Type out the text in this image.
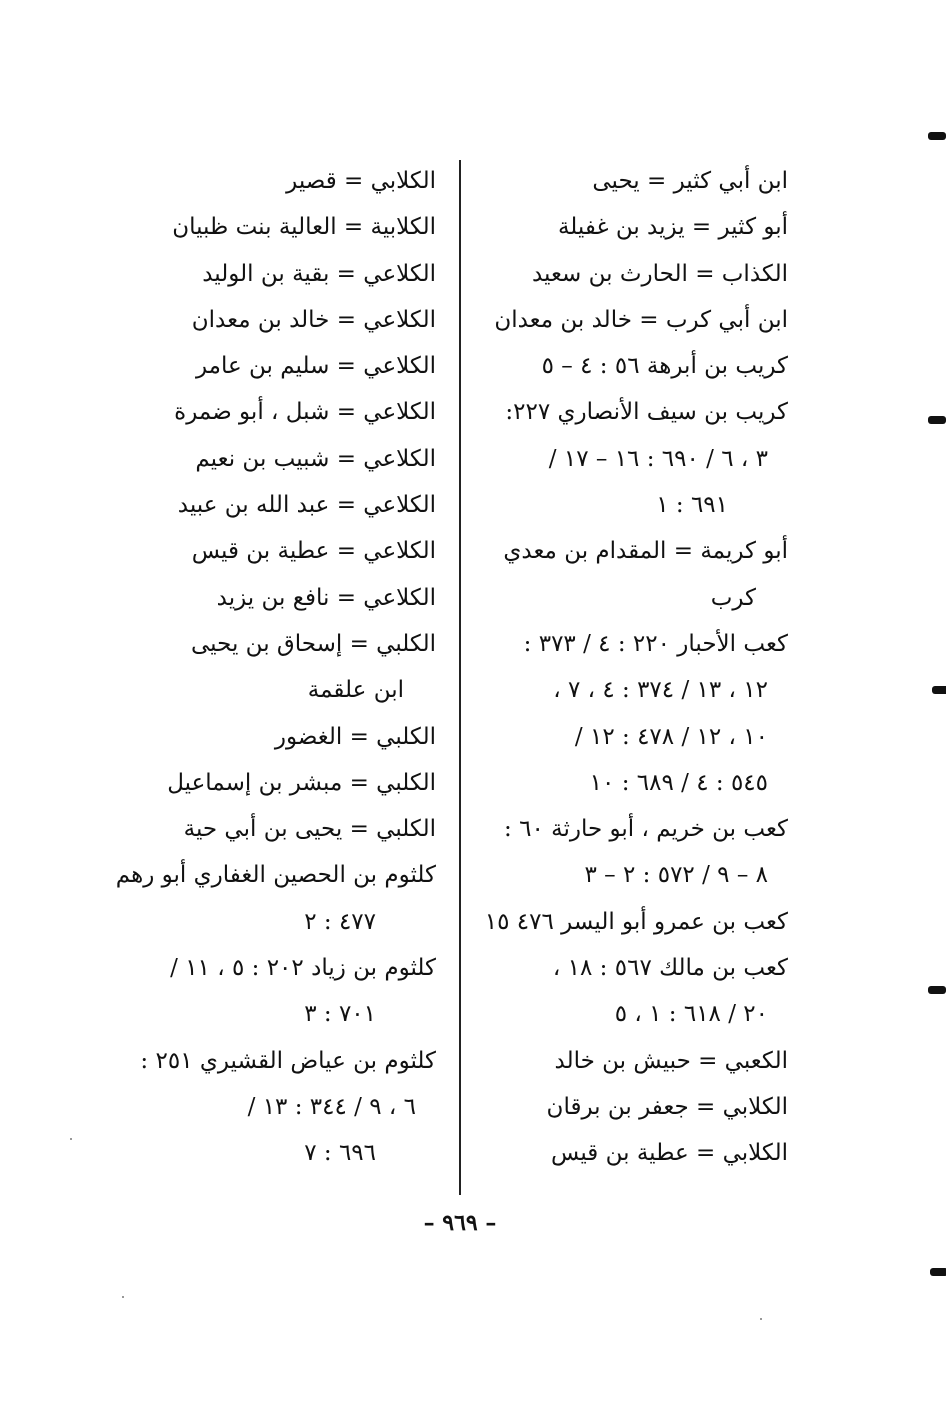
ابن أبي كثير = يحيى
أبو كثير = يزيد بن غفيلة
الكذاب = الحارث بن سعيد
ابن أبي كرب = خالد بن معدان
كريب بن أبرهة ٥٦ : ٤ – ٥
كريب بن سيف الأنصاري ٢٢٧:
٣ ، ٦ / ٦٩٠ : ١٦ – ١٧ /
٦٩١ : ١
أبو كريمة = المقدام بن معدي
كرب
كعب الأحبار ٢٢٠ : ٤ / ٣٧٣ :
١٢ ، ١٣ / ٣٧٤ : ٤ ، ٧ ،
١٠ ، ١٢ / ٤٧٨ : ١٢ /
٥٤٥ : ٤ / ٦٨٩ : ١٠
كعب بن خريم ، أبو حارثة ٦٠ :
٨ – ٩ / ٥٧٢ : ٢ – ٣
كعب بن عمرو أبو اليسر ٤٧٦ ١٥
كعب بن مالك ٥٦٧ : ١٨ ،
٢٠ / ٦١٨ : ١ ، ٥
الكعبي = حبيش بن خالد
الكلابي = جعفر بن برقان
الكلابي = عطية بن قيس
الكلابي = قصير
الكلابية = العالية بنت ظبيان
الكلاعي = بقية بن الوليد
الكلاعي = خالد بن معدان
الكلاعي = سليم بن عامر
الكلاعي = شبل ، أبو ضمرة
الكلاعي = شبيب بن نعيم
الكلاعي = عبد الله بن عبيد
الكلاعي = عطية بن قيس
الكلاعي = نافع بن يزيد
الكلبي = إسحاق بن يحيى
ابن علقمة
الكلبي = الغضور
الكلبي = مبشر بن إسماعيل
الكلبي = يحيى بن أبي حية
كلثوم بن الحصين الغفاري أبو رهم
٤٧٧ : ٢
كلثوم بن زياد ٢٠٢ : ٥ ، ١١ /
٧٠١ : ٣
كلثوم بن عياض القشيري ٢٥١ :
٦ ، ٩ / ٣٤٤ : ١٣ /
٦٩٦ : ٧
– ٩٦٩ –
